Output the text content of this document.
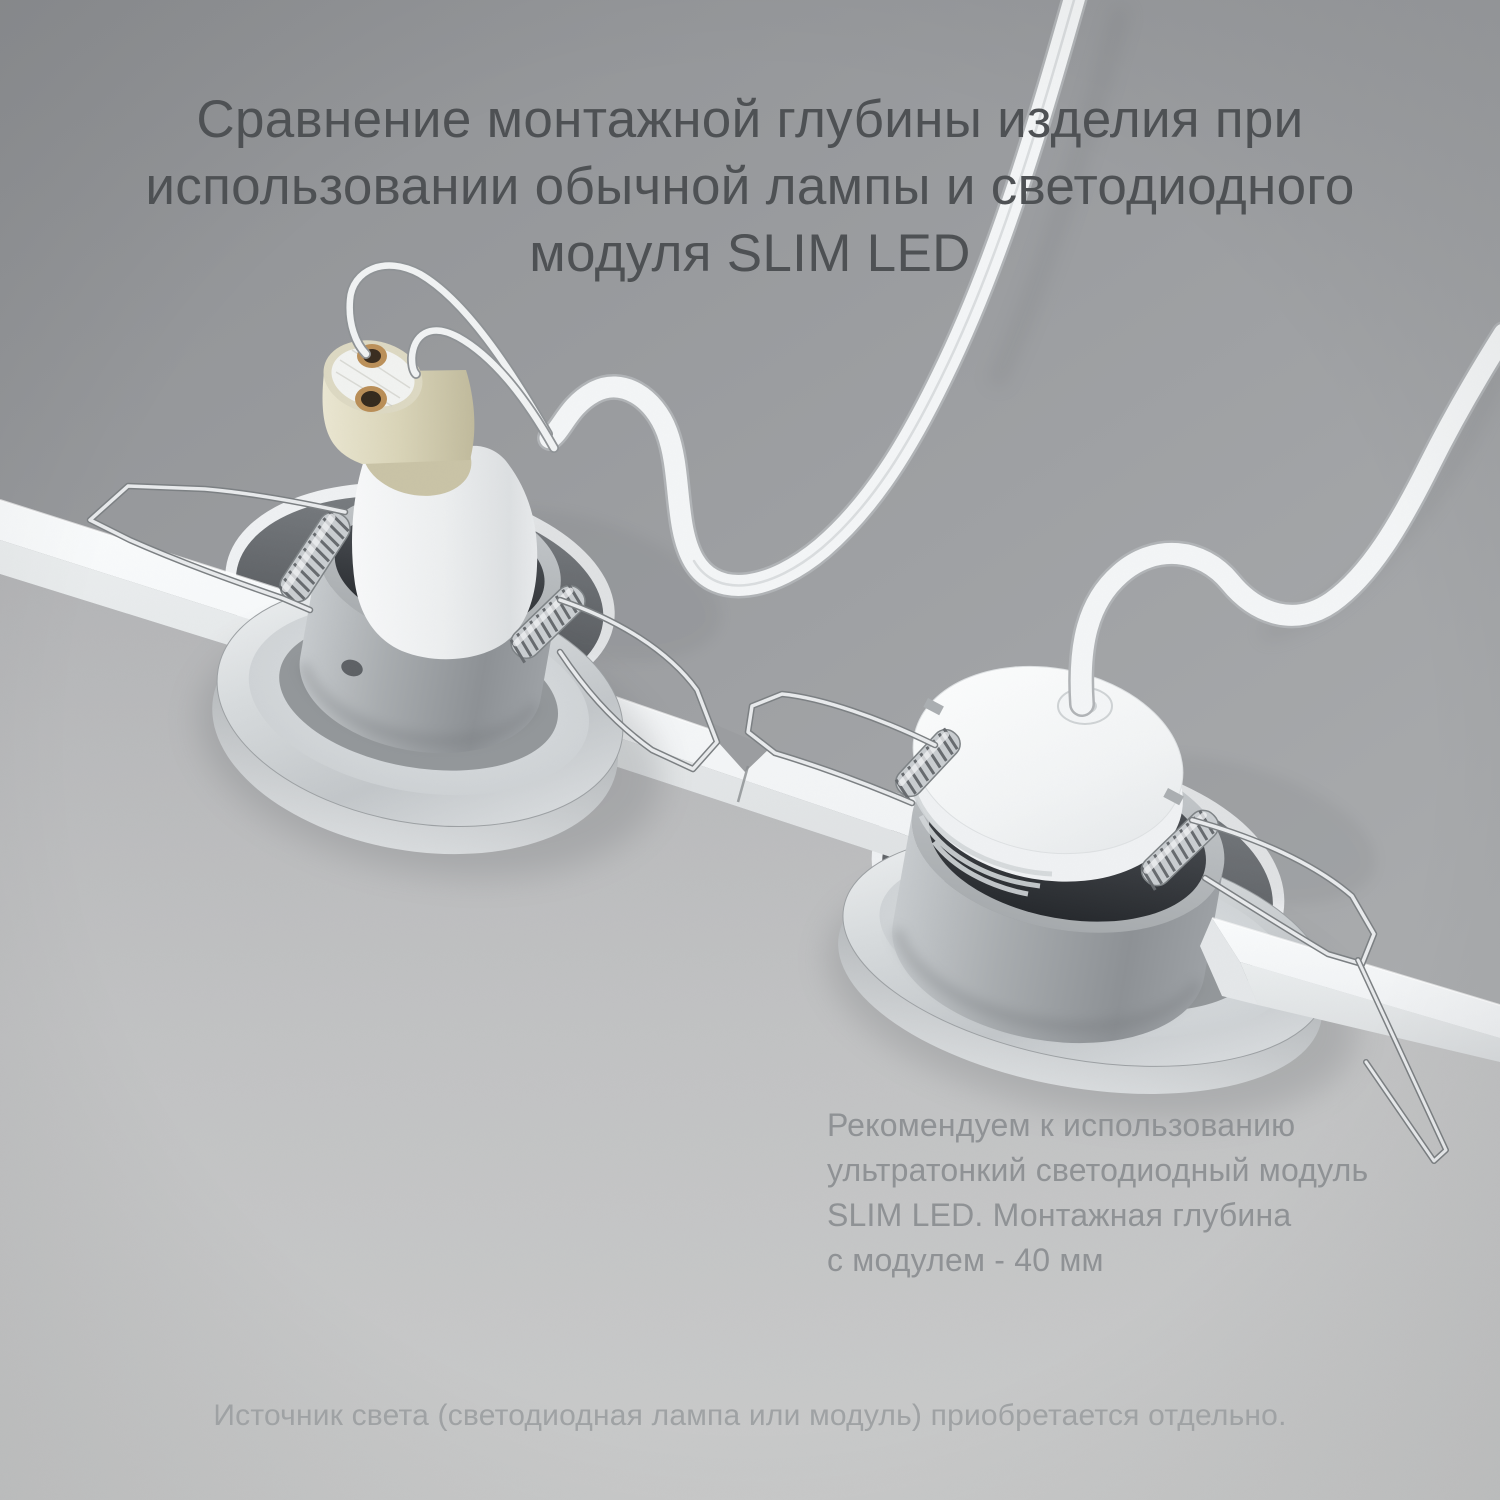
Сравнение монтажной глубины изделия при
использовании обычной лампы и светодиодного
модуля SLIM LED
Рекомендуем к использованию
ультратонкий светодиодный модуль
SLIM LED. Монтажная глубина
с модулем - 40 мм
Источник света (светодиодная лампа или модуль) приобретается отдельно.
